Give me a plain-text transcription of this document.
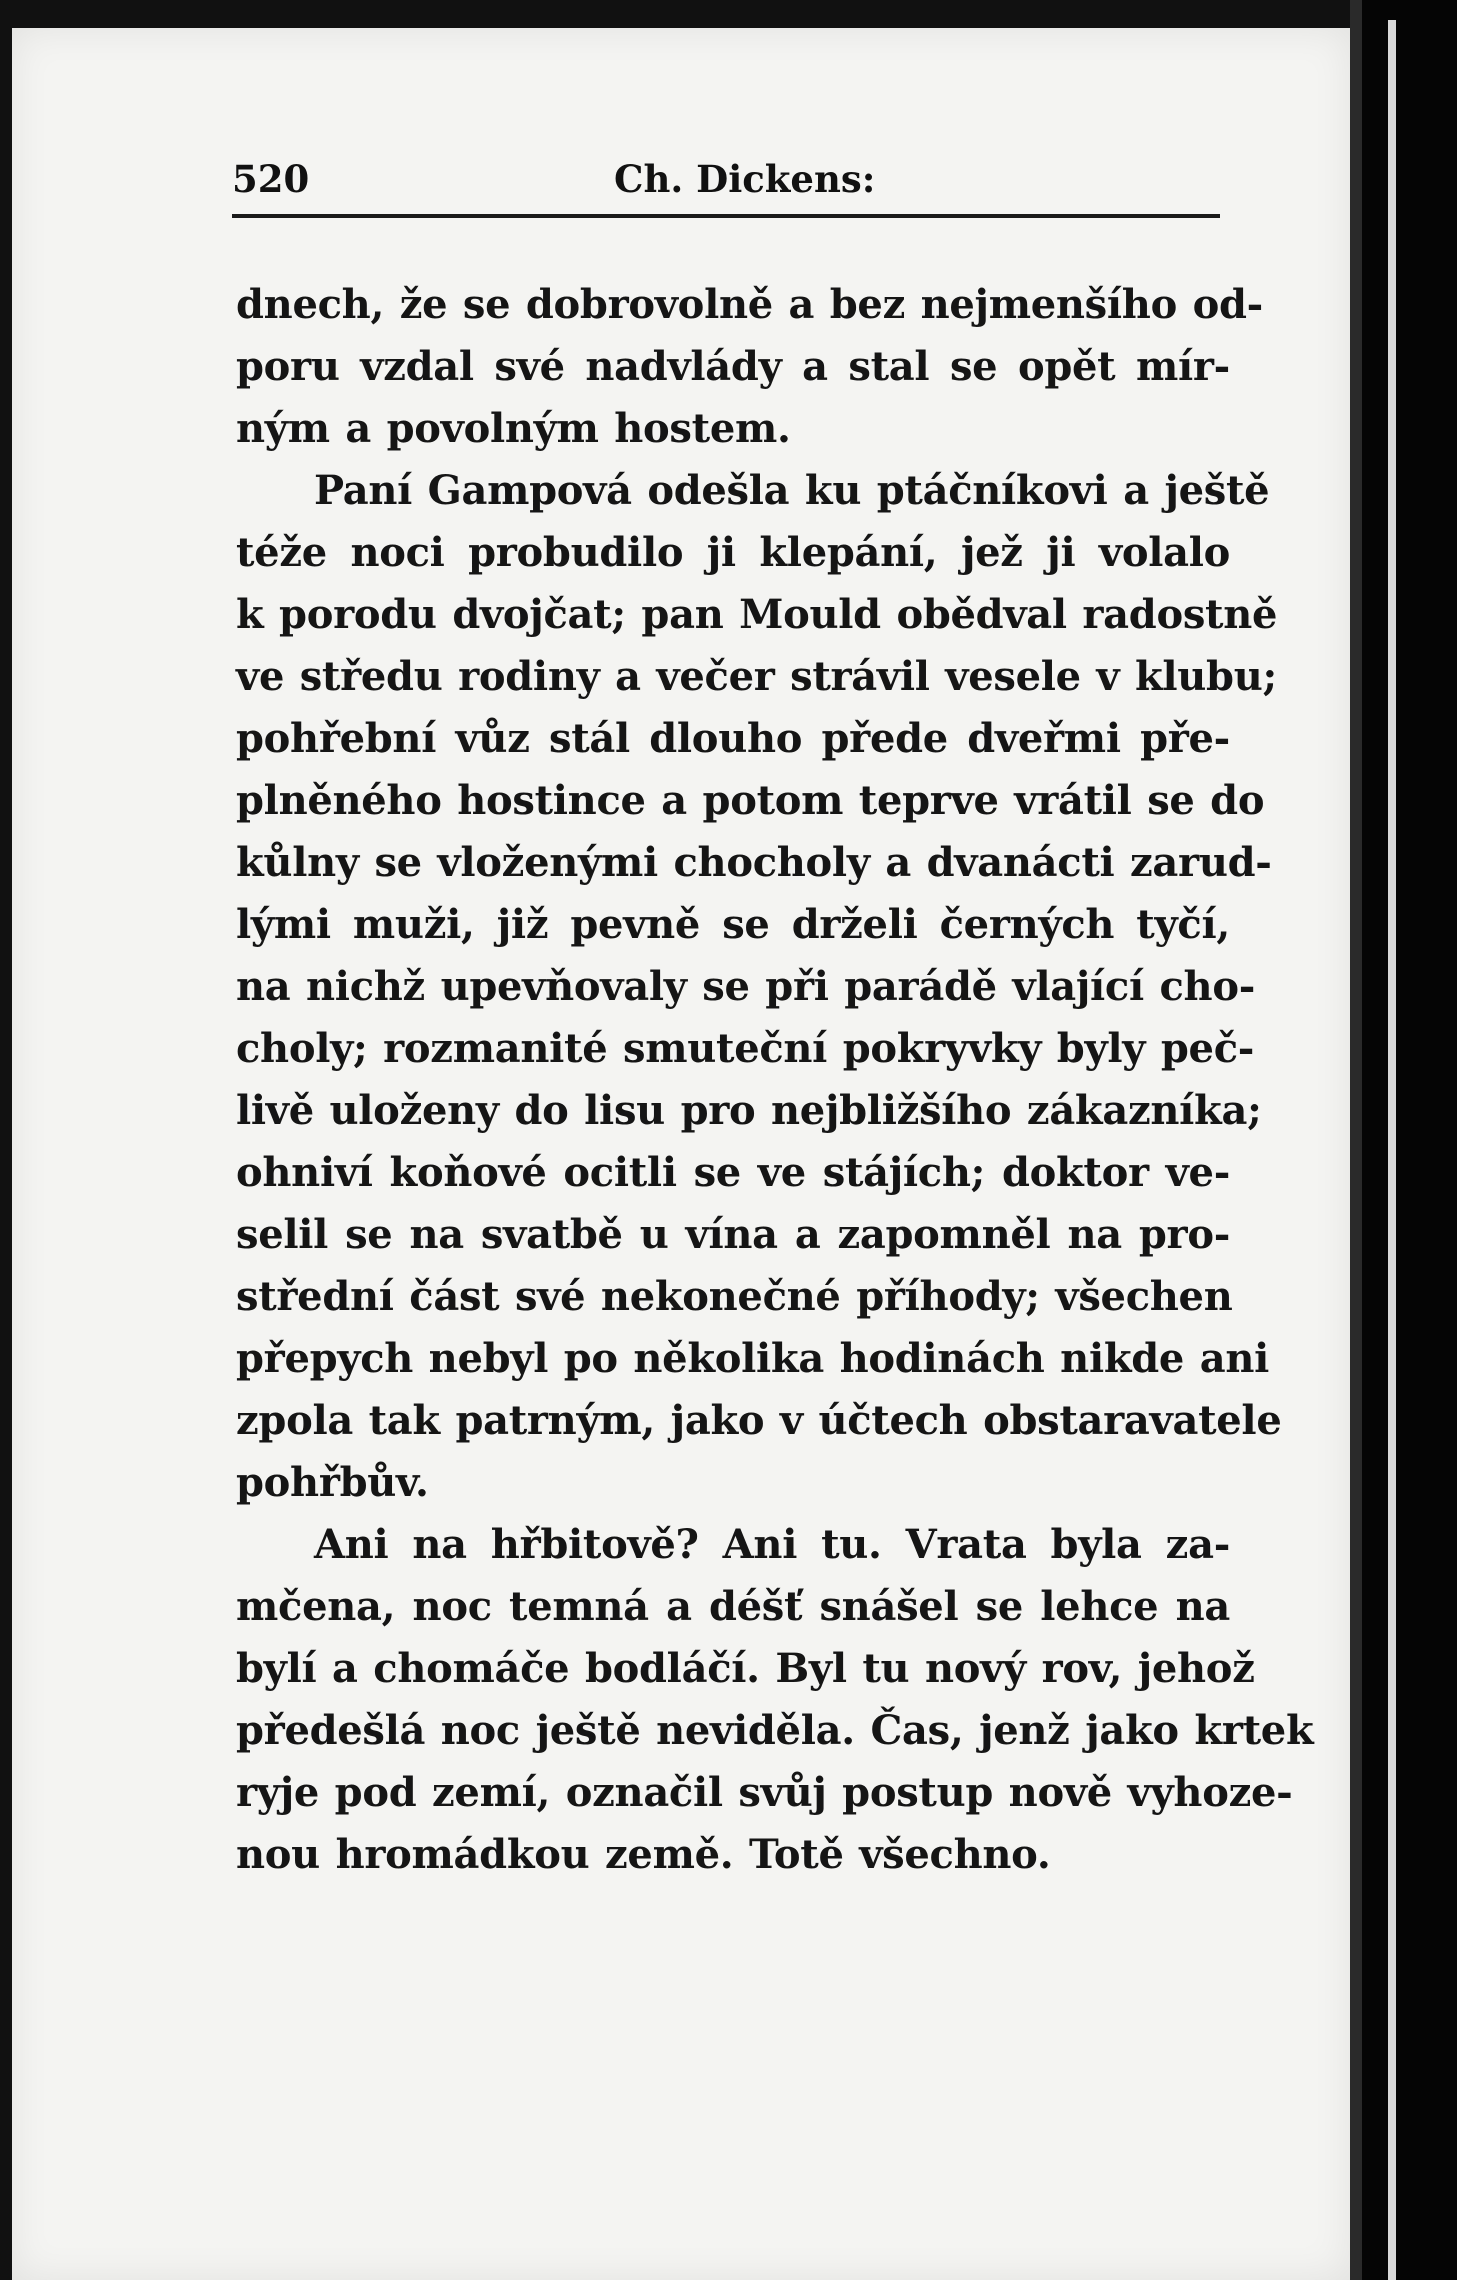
520	Ch. Dickens:
dnech, že se dobrovolně a bez nejmenšího od-
poru vzdal své nadvlády a stal se opět mír-
ným a povolným hostem.
Paní Gampová odešla ku ptáčníkovi a ještě
téže noci probudilo ji klepání, jež ji volalo
k porodu dvojčat; pan Mould obědval radostně
ve středu rodiny a večer strávil vesele v klubu;
pohřební vůz stál dlouho přede dveřmi pře-
plněného hostince a potom teprve vrátil se do
kůlny se vloženými chocholy a dvanácti zarud-
lými muži, již pevně se drželi černých tyčí,
na nichž upevňovaly se při parádě vlající cho-
choly; rozmanité smuteční pokryvky byly peč-
livě uloženy do lisu pro nejbližšího zákazníka;
ohniví koňové ocitli se ve stájích; doktor ve-
selil se na svatbě u vína a zapomněl na pro-
střední část své nekonečné příhody; všechen
přepych nebyl po několika hodinách nikde ani
zpola tak patrným, jako v účtech obstaravatele
pohřbův.
Ani na hřbitově? Ani tu. Vrata byla za-
mčena, noc temná a déšť snášel se lehce na
bylí a chomáče bodláčí. Byl tu nový rov, jehož
předešlá noc ještě neviděla. Čas, jenž jako krtek
ryje pod zemí, označil svůj postup nově vyhoze-
nou hromádkou země. Totě všechno.
